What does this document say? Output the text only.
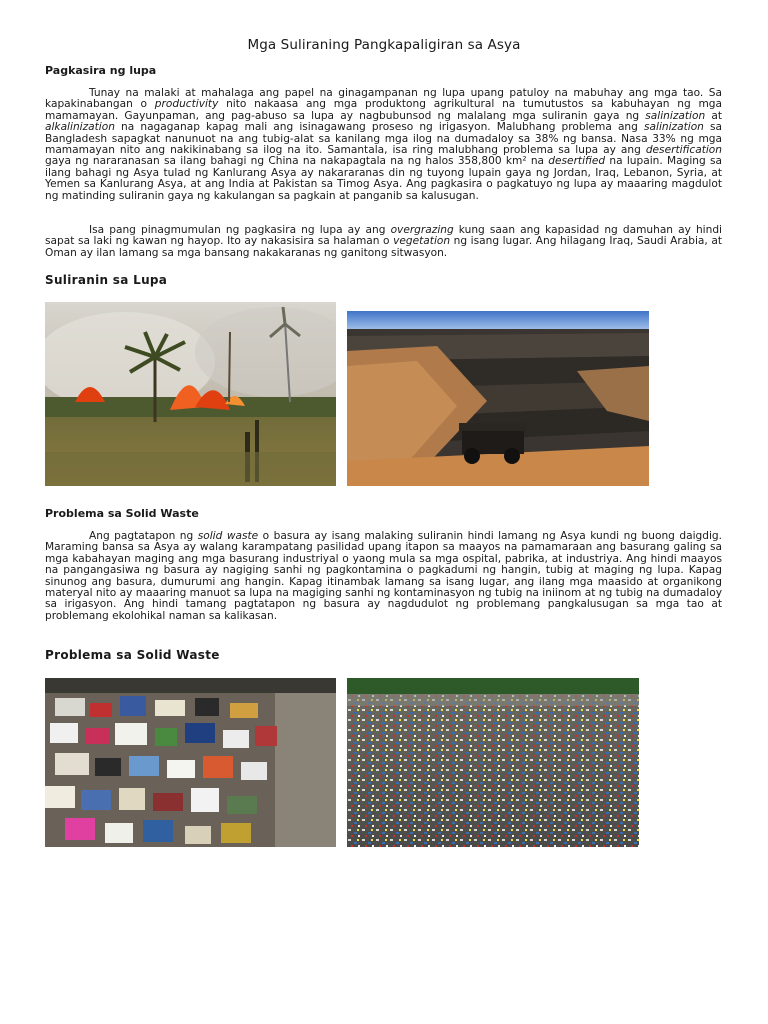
Mga Suliraning Pangkapaligiran sa Asya
Pagkasira ng lupa

Tunay na malaki at mahalaga ang papel na ginagampanan ng lupa upang patuloy na mabuhay ang mga tao. Sa kapakinabangan o productivity nito nakaasa ang mga produktong agrikultural na tumutustos sa kabuhayan ng mga mamamayan. Gayunpaman, ang pag-abuso sa lupa ay nagbubunsod ng malalang mga suliranin gaya ng salinization at alkalinization na nagaganap kapag mali ang isinagawang proseso ng irigasyon. Malubhang problema ang salinization sa Bangladesh sapagkat nanunuot na ang tubig-alat sa kanilang mga ilog na dumadaloy sa 38% ng bansa. Nasa 33% ng mga mamamayan nito ang nakikinabang sa ilog na ito. Samantala, isa ring malubhang problema sa lupa ay ang desertification gaya ng nararanasan sa ilang bahagi ng China na nakapagtala na ng halos 358,800 km² na desertified na lupain. Maging sa ilang bahagi ng Asya tulad ng Kanlurang Asya ay nakararanas din ng tuyong lupain gaya ng Jordan, Iraq, Lebanon, Syria, at Yemen sa Kanlurang Asya, at ang India at Pakistan sa Timog Asya. Ang pagkasira o pagkatuyo ng lupa ay maaaring magdulot ng matinding suliranin gaya ng kakulangan sa pagkain at panganib sa kalusugan.

Isa pang pinagmumulan ng pagkasira ng lupa ay ang overgrazing kung saan ang kapasidad ng damuhan ay hindi sapat sa laki ng kawan ng hayop. Ito ay nakasisira sa halaman o vegetation ng isang lugar. Ang hilagang Iraq, Saudi Arabia, at Oman ay ilan lamang sa mga bansang nakakaranas ng ganitong sitwasyon.

Suliranin sa Lupa
Problema sa Solid Waste

Ang pagtatapon ng solid waste o basura ay isang malaking suliranin hindi lamang ng Asya kundi ng buong daigdig. Maraming bansa sa Asya ay walang karampatang pasilidad upang itapon sa maayos na pamamaraan ang basurang galing sa mga kabahayan maging ang mga basurang industriyal o yaong mula sa mga ospital, pabrika, at industriya. Ang hindi maayos na pangangasiwa ng basura ay nagiging sanhi ng pagkontamina o pagkadumi ng hangin, tubig at maging ng lupa. Kapag sinunog ang basura, dumurumi ang hangin. Kapag itinambak lamang sa isang lugar, ang ilang mga maasido at organikong materyal nito ay maaaring manuot sa lupa na magiging sanhi ng kontaminasyon ng tubig na iniinom at ng tubig na dumadaloy sa irigasyon. Ang hindi tamang pagtatapon ng basura ay nagdudulot ng problemang pangkalusugan sa mga tao at problemang ekolohikal naman sa kalikasan.

Problema sa Solid Waste
